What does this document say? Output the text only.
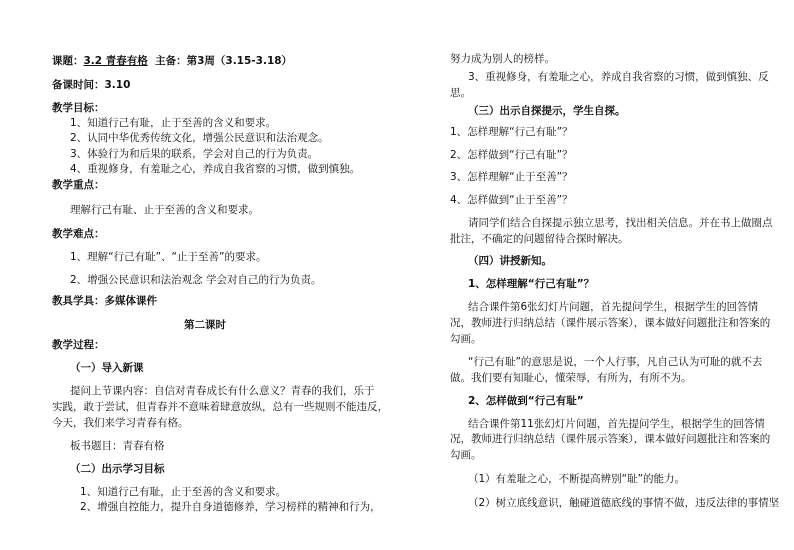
课题：3.2 青春有格 主备：第3周（3.15-3.18）
备课时间：3.10
教学目标：
1、知道行己有耻，止于至善的含义和要求。
2、认同中华优秀传统文化，增强公民意识和法治观念。
3、体验行为和后果的联系，学会对自己的行为负责。
4、重视修身，有羞耻之心，养成自我省察的习惯，做到慎独。
教学重点：
理解行己有耻、止于至善的含义和要求。
教学难点：
1、理解“行己有耻”、“止于至善”的要求。
2、增强公民意识和法治观念 学会对自己的行为负责。
教具学具：多媒体课件
第二课时
教学过程：
（一）导入新课
提问上节课内容：自信对青春成长有什么意义？青春的我们，乐于
实践，敢于尝试，但青春并不意味着肆意放纵，总有一些规则不能违反，
今天，我们来学习青春有格。
板书题目：青春有格
（二）出示学习目标
1、知道行己有耻，止于至善的含义和要求。
2、增强自控能力，提升自身道德修养，学习榜样的精神和行为，
努力成为别人的榜样。
3、重视修身，有羞耻之心，养成自我省察的习惯，做到慎独、反
思。
（三）出示自探提示，学生自探。
1、怎样理解“行己有耻”？
2、怎样做到“行己有耻”？
3、怎样理解“止于至善”？
4、怎样做到“止于至善”？
请同学们结合自探提示独立思考，找出相关信息。并在书上做圈点
批注，不确定的问题留待合探时解决。
（四）讲授新知。
1、怎样理解“行己有耻”？
结合课件第6张幻灯片问题，首先提问学生，根据学生的回答情
况，教师进行归纳总结（课件展示答案），课本做好问题批注和答案的
勾画。
“行己有耻”的意思是说，一个人行事，凡自己认为可耻的就不去
做。我们要有知耻心，懂荣辱，有所为，有所不为。
2、怎样做到“行己有耻”
结合课件第11张幻灯片问题，首先提问学生，根据学生的回答情
况，教师进行归纳总结（课件展示答案），课本做好问题批注和答案的
勾画。
（1）有羞耻之心，不断提高辨别“耻”的能力。
（2）树立底线意识，触碰道德底线的事情不做，违反法律的事情坚
